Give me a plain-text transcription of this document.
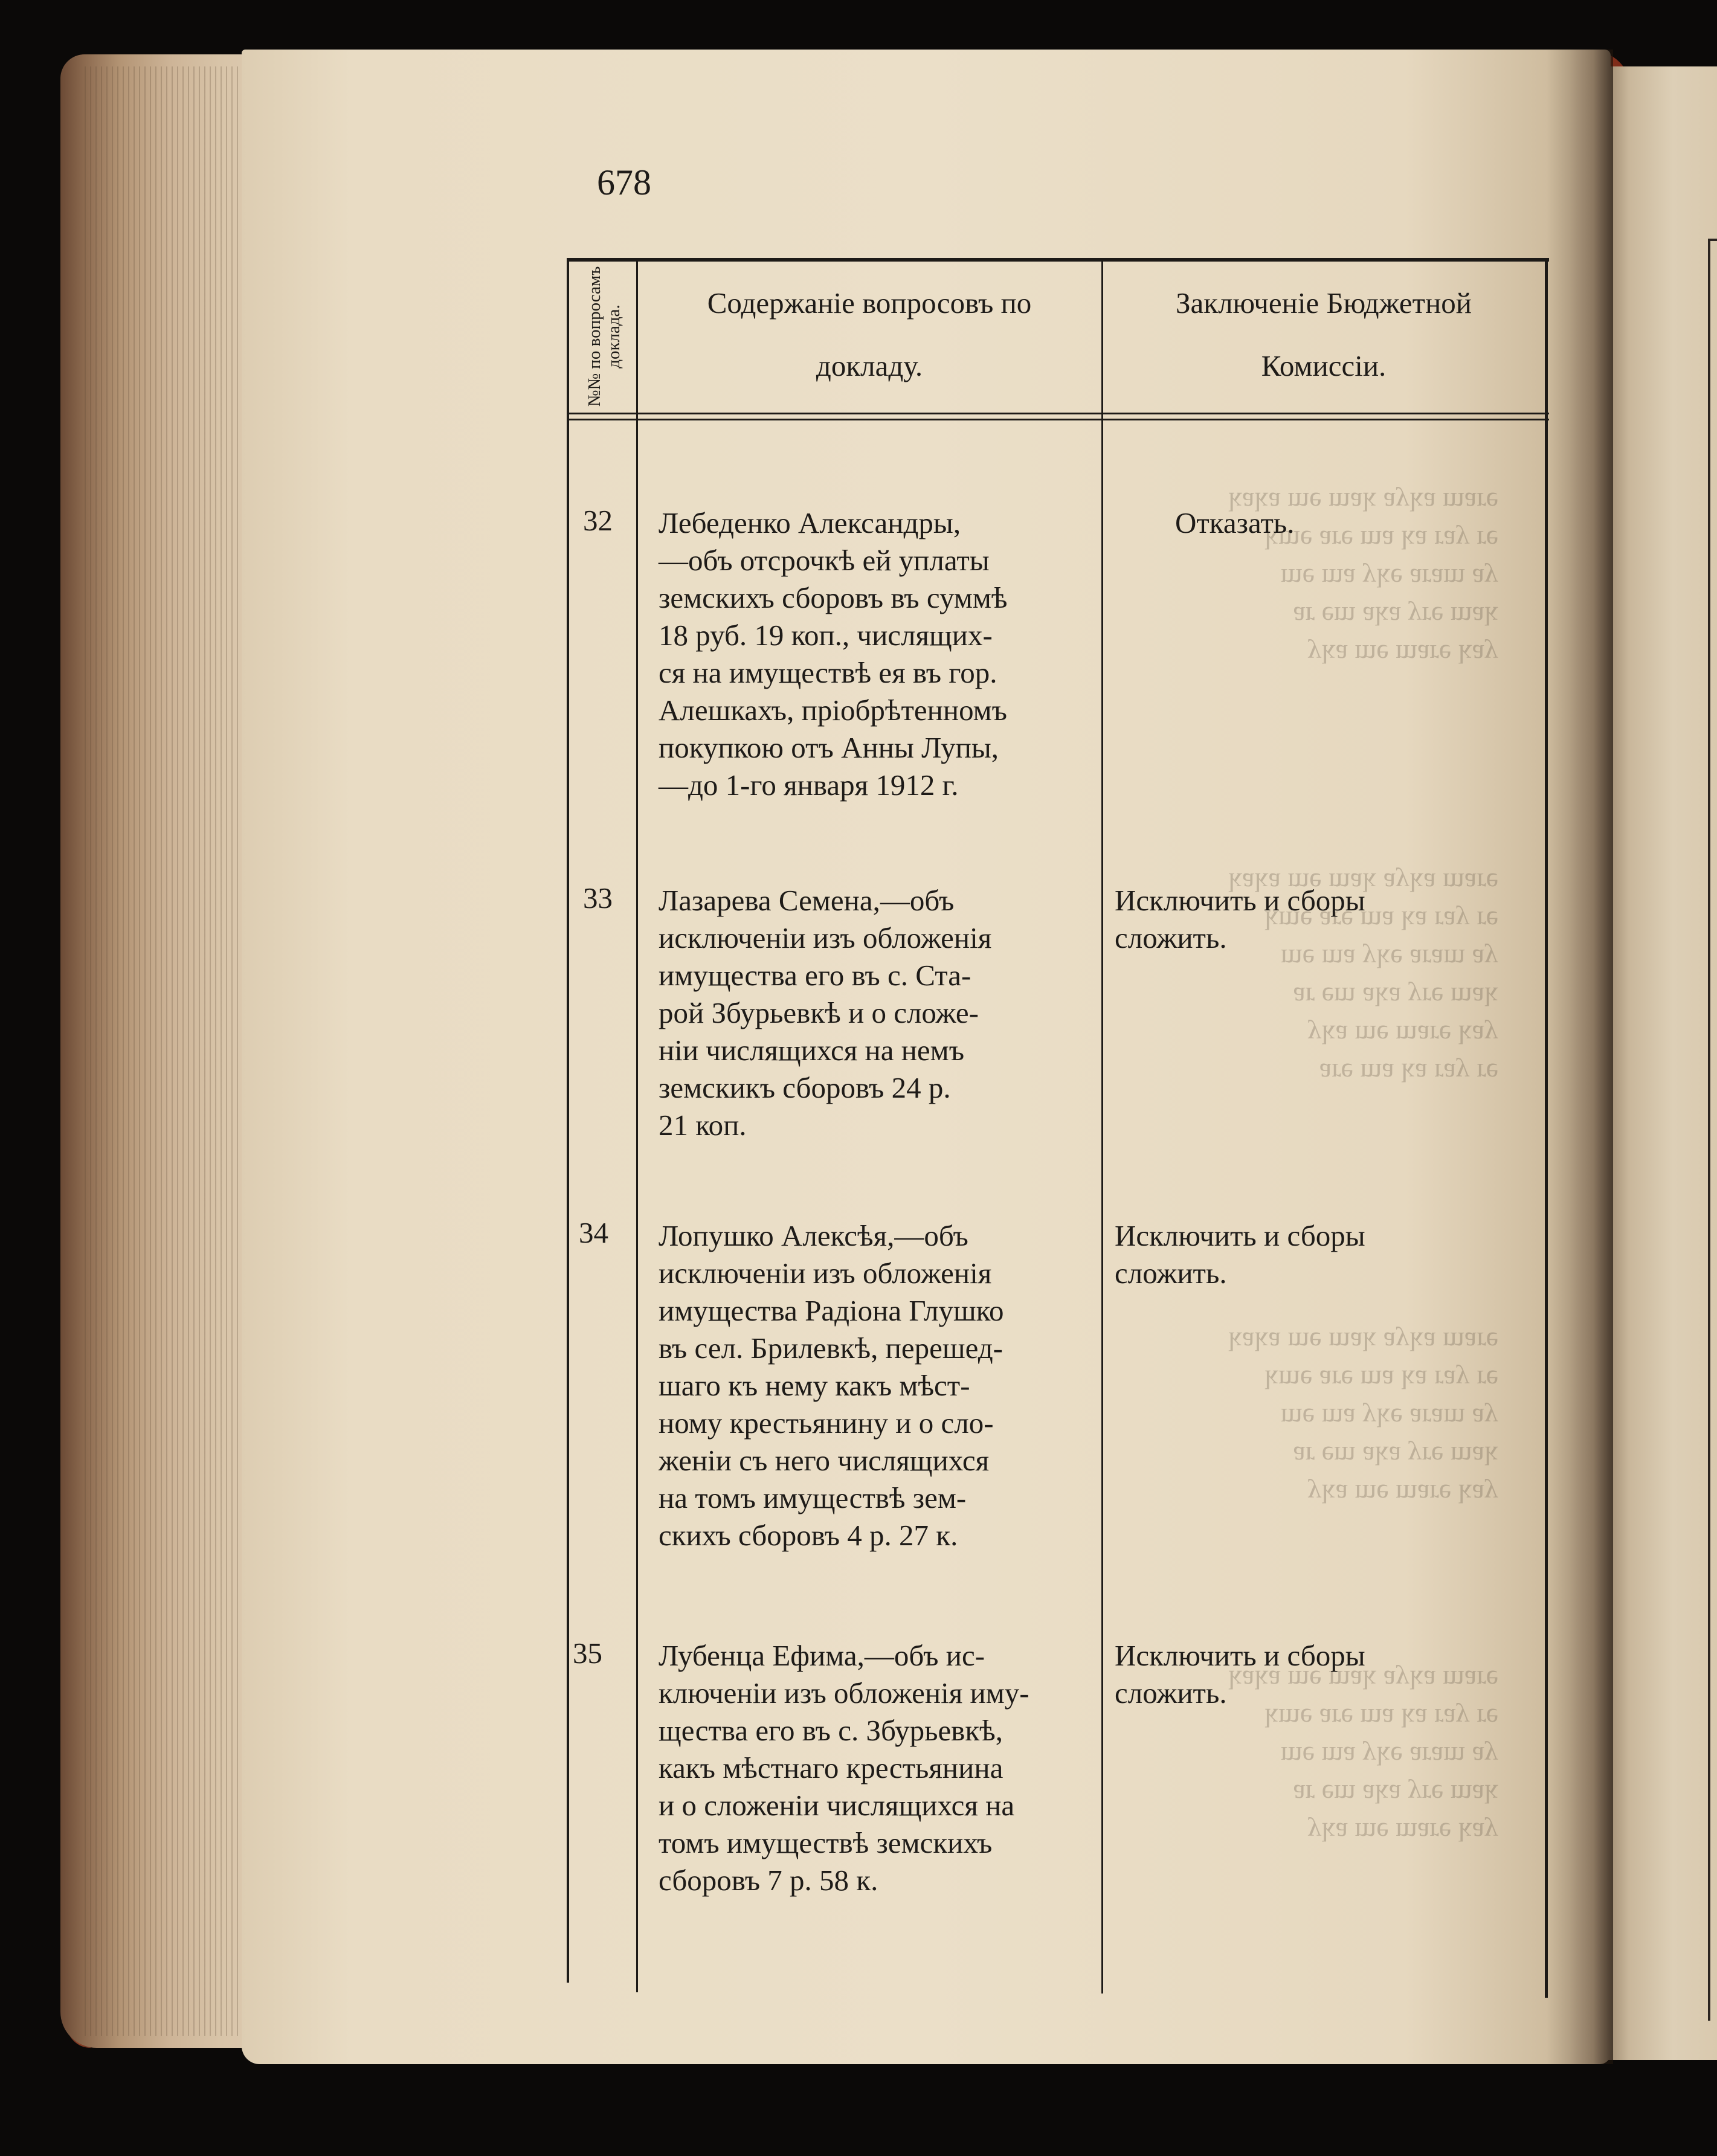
ǝɹɐɯ ɐʞʎɐ ʞɐɯ ǝɯ ɐʞɐʞ
ǝɹ ʎɐɹ ɐʞ ɐɯ ǝɹɐ ǝɯʞ
ʎɐ ɯɐɹɐ ǝʞʎ ɐɯ ǝɯ
ʞɐɯ ǝɹʎ ɐʞɐ ɯǝ ɹɐ
ʎɐʞ ǝɹɐɯ ǝɯ ɐʞʎ
ǝɹɐɯ ɐʞʎɐ ʞɐɯ ǝɯ ɐʞɐʞ
ǝɹ ʎɐɹ ɐʞ ɐɯ ǝɹɐ ǝɯʞ
ʎɐ ɯɐɹɐ ǝʞʎ ɐɯ ǝɯ
ʞɐɯ ǝɹʎ ɐʞɐ ɯǝ ɹɐ
ʎɐʞ ǝɹɐɯ ǝɯ ɐʞʎ
ǝɹ ʎɐɹ ɐʞ ɐɯ ǝɹɐ
ǝɹɐɯ ɐʞʎɐ ʞɐɯ ǝɯ ɐʞɐʞ
ǝɹ ʎɐɹ ɐʞ ɐɯ ǝɹɐ ǝɯʞ
ʎɐ ɯɐɹɐ ǝʞʎ ɐɯ ǝɯ
ʞɐɯ ǝɹʎ ɐʞɐ ɯǝ ɹɐ
ʎɐʞ ǝɹɐɯ ǝɯ ɐʞʎ
ǝɹɐɯ ɐʞʎɐ ʞɐɯ ǝɯ ɐʞɐʞ
ǝɹ ʎɐɹ ɐʞ ɐɯ ǝɹɐ ǝɯʞ
ʎɐ ɯɐɹɐ ǝʞʎ ɐɯ ǝɯ
ʞɐɯ ǝɹʎ ɐʞɐ ɯǝ ɹɐ
ʎɐʞ ǝɹɐɯ ǝɯ ɐʞʎ
678
№№ по вопросамъ доклада.
Содержаніе вопросовъ по
докладу.
Заключеніе Бюджетной
Комиссіи.
32 Лебеденко Александры,
—объ отсрочкѣ ей уплаты
земскихъ сборовъ въ суммѣ
18 руб. 19 коп., числящих-
ся на имуществѣ ея въ гор.
Алешкахъ, пріобрѣтенномъ
покупкою отъ Анны Лупы,
—до 1-го января 1912 г.
Отказать.
33 Лазарева Семена,—объ
исключеніи изъ обложенія
имущества его въ с. Ста-
рой Збурьевкѣ и о сложе-
ніи числящихся на немъ
земскикъ сборовъ 24 р.
21 коп.
Исключить и сборы
сложить.
34 Лопушко Алексѣя,—объ
исключеніи изъ обложенія
имущества Радіона Глушко
въ сел. Брилевкѣ, перешед-
шаго къ нему какъ мѣст-
ному крестьянину и о сло-
женіи съ него числящихся
на томъ имуществѣ зем-
скихъ сборовъ 4 р. 27 к.
Исключить и сборы
сложить.
35 Лубенца Ефима,—объ ис-
ключеніи изъ обложенія иму-
щества его въ с. Збурьевкѣ,
какъ мѣстнаго крестьянина
и о сложеніи числящихся на
томъ имуществѣ земскихъ
сборовъ 7 р. 58 к.
Исключить и сборы
сложить.
